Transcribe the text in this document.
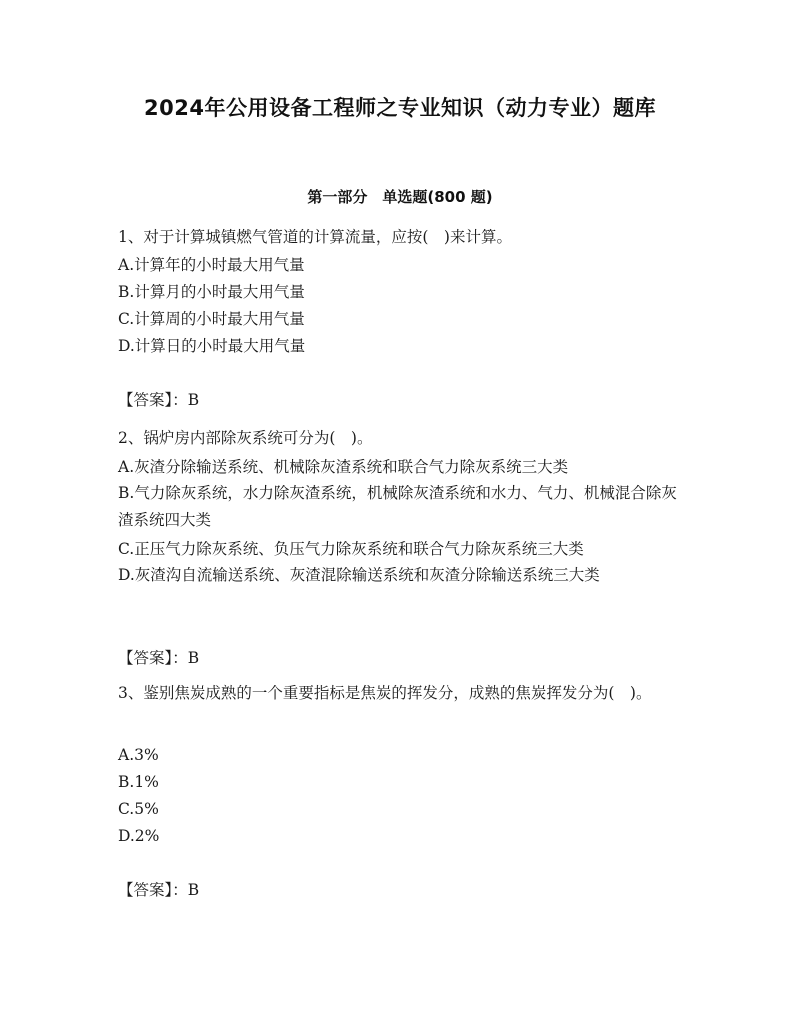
2024年公用设备工程师之专业知识（动力专业）题库
第一部分　单选题(800 题)
1、对于计算城镇燃气管道的计算流量，应按(　)来计算。
A.计算年的小时最大用气量
B.计算月的小时最大用气量
C.计算周的小时最大用气量
D.计算日的小时最大用气量
【答案】：B
2、锅炉房内部除灰系统可分为(　)。
A.灰渣分除输送系统、机械除灰渣系统和联合气力除灰系统三大类
B.气力除灰系统，水力除灰渣系统，机械除灰渣系统和水力、气力、机械混合除灰渣系统四大类
C.正压气力除灰系统、负压气力除灰系统和联合气力除灰系统三大类
D.灰渣沟自流输送系统、灰渣混除输送系统和灰渣分除输送系统三大类
【答案】：B
3、鉴别焦炭成熟的一个重要指标是焦炭的挥发分，成熟的焦炭挥发分为(　)。
A.3%
B.1%
C.5%
D.2%
【答案】：B
